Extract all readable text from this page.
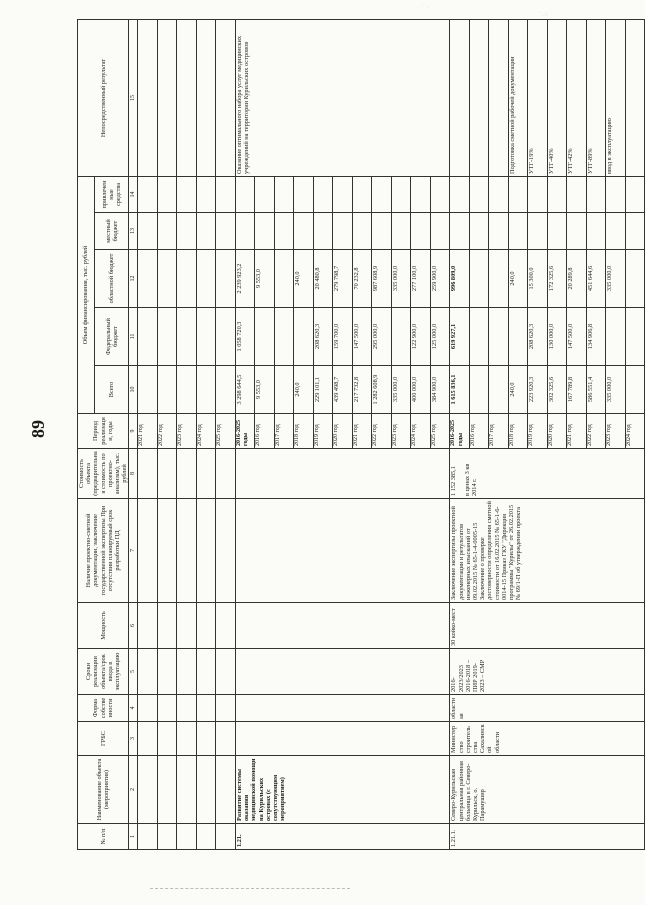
89
№ п/п	Наименование объекта (мероприятия)	ГРБС	Форма собственности	Сроки реализации объекта/срок ввода в эксплуатацию	Мощность	Наличие проектно-сметной документации, заключение государственной экспертизы При отсутствии планируемый срок разработки ПД	Стоимость объекта (предварительная стоимость по проектно-анализам), тыс. рублей	Период реализации, годы	Объем финансирования, тыс. рублей					Непосредственный результат
									Всего	Федеральный бюджет	областной бюджет	местный бюджет	привлеченные средства	
1	2	3	4	5	6	7	8	9	10	11	12	13	14	15
								2021 год						
								2022 год						
								2023 год						
								2024 год						
								2025 год						
1.21.	Развитие системы оказания медицинской помощи на Курильских островах (с сопутствующим мероприятием)							2016-2025 годы	3 298 644,5	1 058 720,3	2 239 923,2			Оказание оптимального набора услуг медицинских учреждений на территории Курильских островов
								2016 год	9 553,0		9 553,0			
								2017 год						
								2018 год	240,0		240,0			
								2019 год	229 101,1	208 620,3	20 480,8			
								2020 год	439 498,7	159 700,0	279 798,7			
								2021 год	217 732,8	147 500,0	70 232,8			
								2022 год	1 282 608,9	295 000,0	987 608,9			
								2023 год	335 000,0		335 000,0			
								2024 год	400 000,0	122 900,0	277 100,0			
								2025 год	384 900,0	125 000,0	259 900,0			
1.21.1.	Северо-Курильская центральная районная больница в г. Северо-Курильск, о. Парамушир	Министерство строительства Сахалинской области	областная	2016-2023/2023 2016-2018 – ПИР 2019-2023 – СМР	30 койко-мест	Заключение экспертизы проектной документации и результатов инженерных изысканий от 09.02.2015 № 65-1-4-0005-15 Заключение о проверке достоверности определения сметной стоимости от 16.02.2015 № 65-1-6-0014-15 Приказ ГКУ "Дирекция программы "Курилы" от 26.02.2015 № 69/1-П об утверждении проекта	1 152 385,1 в ценах 3 кв 2014 г.	2016-2025 годы	1 615 836,1	619 927,1	996 809,0			
								2016 год						
								2017 год						
								2018 год	240,0		240,0			Подготовка сметной рабочей документации
								2019 год	223 920,3	208 620,3	15 300,0			УТГ-19%
								2020 год	302 325,6	130 000,0	172 325,6			УТГ-40%
								2021 год	167 789,8	147 500,0	20 289,8			УТГ-42%
								2022 год	586 551,4	134 906,8	451 644,6			УТГ-89%
								2023 год	335 000,0		335 000,0			ввод в эксплуатацию
								2024 год						
·˙ ·.˙
˙.·:
